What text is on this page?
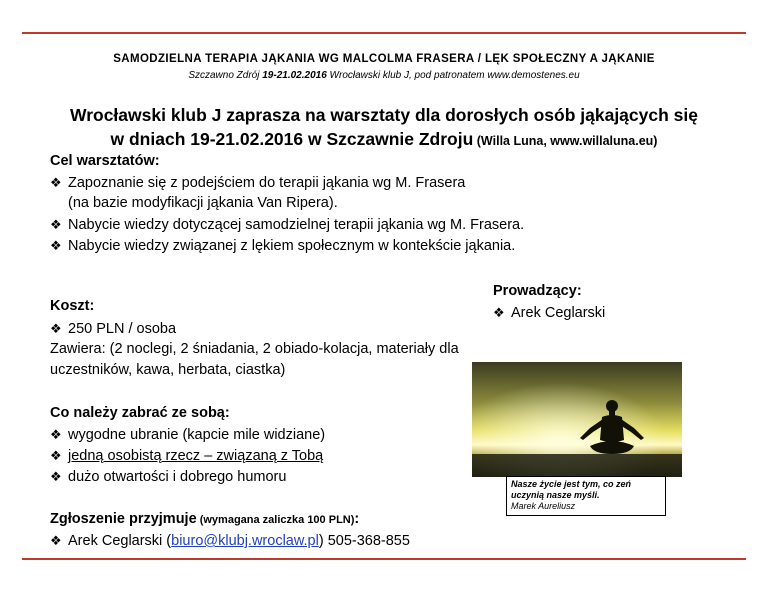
SAMODZIELNA TERAPIA JĄKANIA WG MALCOLMA FRASERA / LĘK SPOŁECZNY A JĄKANIE
Szczawno Zdrój 19-21.02.2016 Wrocławski klub J, pod patronatem www.demostenes.eu
Wrocławski klub J zaprasza na warsztaty dla dorosłych osób jąkających się
w dniach 19-21.02.2016 w Szczawnie Zdroju (Willa Luna, www.willaluna.eu)
Cel warsztatów:
❖ Zapoznanie się z podejściem do terapii jąkania wg M. Frasera
(na bazie modyfikacji jąkania Van Ripera).
❖ Nabycie wiedzy dotyczącej samodzielnej terapii jąkania wg M. Frasera.
❖ Nabycie wiedzy związanej z lękiem społecznym w kontekście jąkania.
Prowadzący:
❖ Arek Ceglarski
Koszt:
❖ 250 PLN / osoba
Zawiera: (2 noclegi, 2 śniadania, 2 obiado-kolacja, materiały dla
uczestników, kawa, herbata, ciastka)
Nasze życie jest tym, co zeń
uczynią nasze myśli.
Marek Aureliusz
Co należy zabrać ze sobą:
❖ wygodne ubranie (kapcie mile widziane)
❖ jedną osobistą rzecz – związaną z Tobą
❖ dużo otwartości i dobrego humoru
Zgłoszenie przyjmuje (wymagana zaliczka 100 PLN):
❖ Arek Ceglarski (biuro@klubj.wroclaw.pl) 505-368-855
